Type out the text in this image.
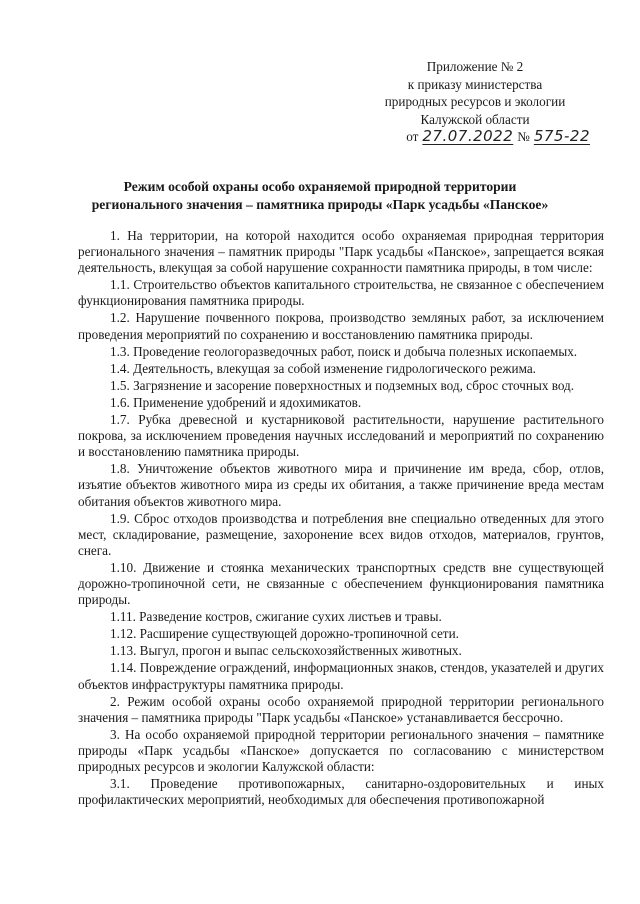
Приложение № 2
к приказу министерства
природных ресурсов и экологии
Калужской области
от 27.07.2022 № 575-22
Режим особой охраны особо охраняемой природной территории
регионального значения – памятника природы «Парк усадьбы «Панское»

1. На территории, на которой находится особо охраняемая природная территория регионального значения – памятник природы "Парк усадьбы «Панское», запрещается всякая деятельность, влекущая за собой нарушение сохранности памятника природы, в том числе:

1.1. Строительство объектов капитального строительства, не связанное с обеспечением функционирования памятника природы.

1.2. Нарушение почвенного покрова, производство земляных работ, за исключением проведения мероприятий по сохранению и восстановлению памятника природы.

1.3. Проведение геологоразведочных работ, поиск и добыча полезных ископаемых.

1.4. Деятельность, влекущая за собой изменение гидрологического режима.

1.5. Загрязнение и засорение поверхностных и подземных вод, сброс сточных вод.

1.6. Применение удобрений и ядохимикатов.

1.7. Рубка древесной и кустарниковой растительности, нарушение растительного покрова, за исключением проведения научных исследований и мероприятий по сохранению и восстановлению памятника природы.

1.8. Уничтожение объектов животного мира и причинение им вреда, сбор, отлов, изъятие объектов животного мира из среды их обитания, а также причинение вреда местам обитания объектов животного мира.

1.9. Сброс отходов производства и потребления вне специально отведенных для этого мест, складирование, размещение, захоронение всех видов отходов, материалов, грунтов, снега.

1.10. Движение и стоянка механических транспортных средств вне существующей дорожно-тропиночной сети, не связанные с обеспечением функционирования памятника природы.

1.11. Разведение костров, сжигание сухих листьев и травы.

1.12. Расширение существующей дорожно-тропиночной сети.

1.13. Выгул, прогон и выпас сельскохозяйственных животных.

1.14. Повреждение ограждений, информационных знаков, стендов, указателей и других объектов инфраструктуры памятника природы.

2. Режим особой охраны особо охраняемой природной территории регионального значения – памятника природы "Парк усадьбы «Панское» устанавливается бессрочно.

3. На особо охраняемой природной территории регионального значения – памятнике природы «Парк усадьбы «Панское» допускается по согласованию с министерством природных ресурсов и экологии Калужской области:

3.1. Проведение противопожарных, санитарно-оздоровительных и иных профилактических мероприятий, необходимых для обеспечения противопожарной
